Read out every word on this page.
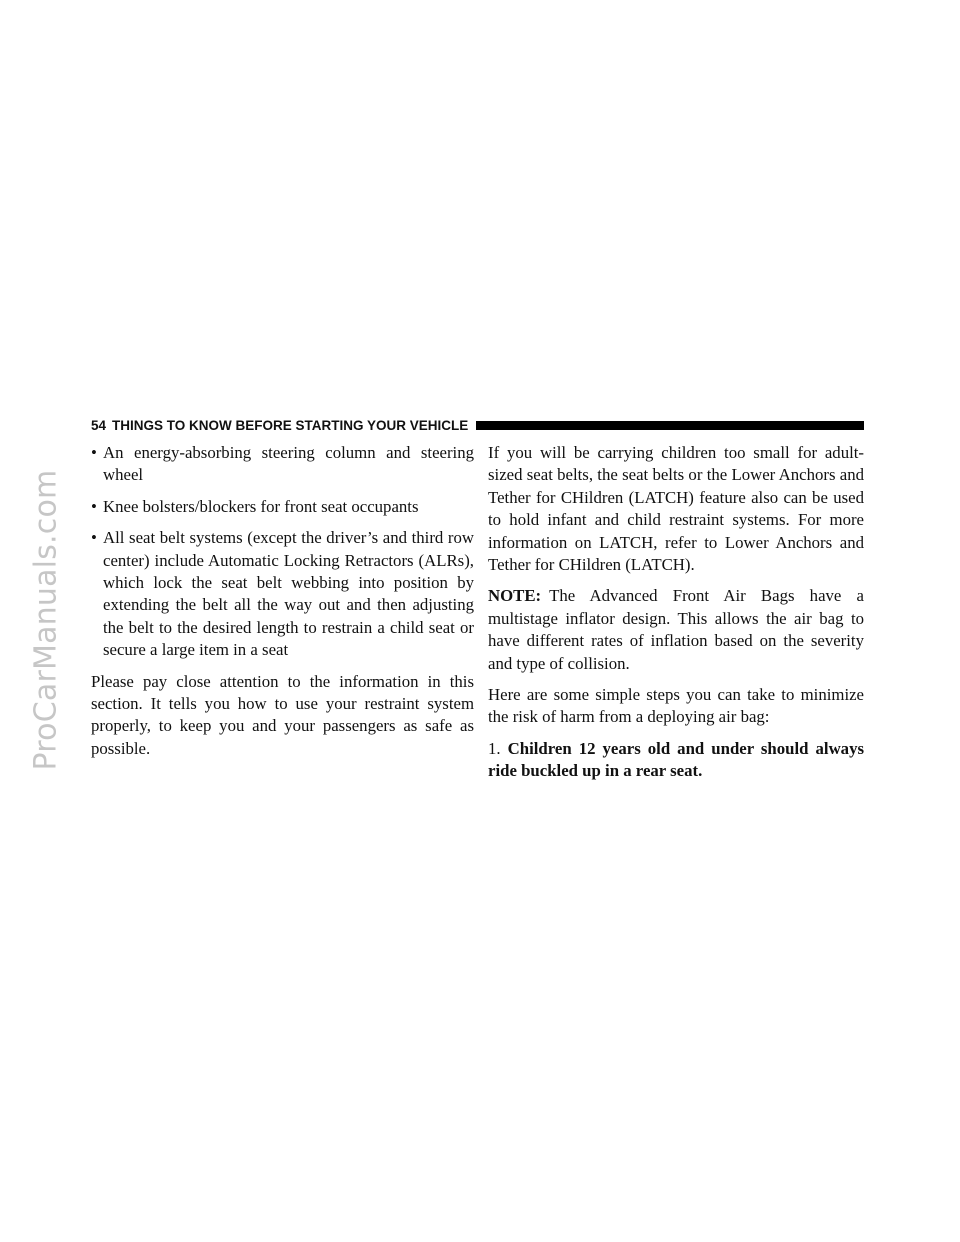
ProCarManuals.com
54 THINGS TO KNOW BEFORE STARTING YOUR VEHICLE
• An energy-absorbing steering column and steering wheel
• Knee bolsters/blockers for front seat occupants
• All seat belt systems (except the driver’s and third row center) include Automatic Locking Retractors (ALRs), which lock the seat belt webbing into position by extending the belt all the way out and then adjusting the belt to the desired length to restrain a child seat or secure a large item in a seat

Please pay close attention to the information in this section. It tells you how to use your restraint system properly, to keep you and your passengers as safe as possible.

If you will be carrying children too small for adult-sized seat belts, the seat belts or the Lower Anchors and Tether for CHildren (LATCH) feature also can be used to hold infant and child restraint systems. For more information on LATCH, refer to Lower Anchors and Tether for CHildren (LATCH).

NOTE: The Advanced Front Air Bags have a multistage inflator design. This allows the air bag to have different rates of inflation based on the severity and type of collision.

Here are some simple steps you can take to minimize the risk of harm from a deploying air bag:

1. Children 12 years old and under should always ride buckled up in a rear seat.
